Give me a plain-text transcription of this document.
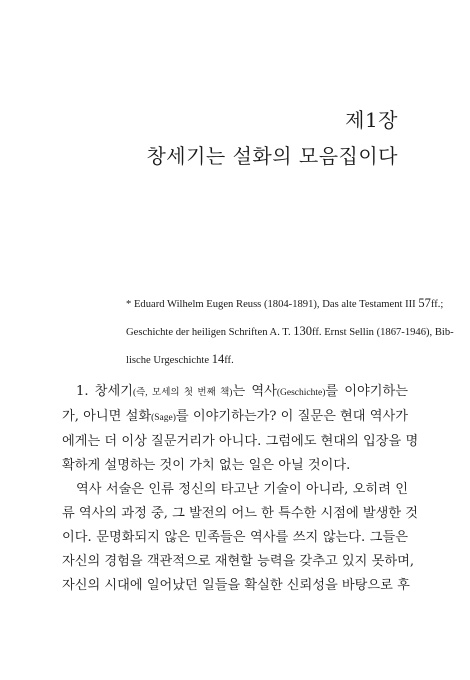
제1장
창세기는 설화의 모음집이다
* Eduard Wilhelm Eugen Reuss (1804-1891), Das alte Testament III 57ff.;
Geschichte der heiligen Schriften A. T. 130ff. Ernst Sellin (1867-1946), Bib-
lische Urgeschichte 14ff.
1. 창세기(즉, 모세의 첫 번째 책)는 역사(Geschichte)를 이야기하는
가, 아니면 설화(Sage)를 이야기하는가? 이 질문은 현대 역사가
에게는 더 이상 질문거리가 아니다. 그럼에도 현대의 입장을 명
확하게 설명하는 것이 가치 없는 일은 아닐 것이다.
역사 서술은 인류 정신의 타고난 기술이 아니라, 오히려 인
류 역사의 과정 중, 그 발전의 어느 한 특수한 시점에 발생한 것
이다. 문명화되지 않은 민족들은 역사를 쓰지 않는다. 그들은
자신의 경험을 객관적으로 재현할 능력을 갖추고 있지 못하며,
자신의 시대에 일어났던 일들을 확실한 신뢰성을 바탕으로 후
